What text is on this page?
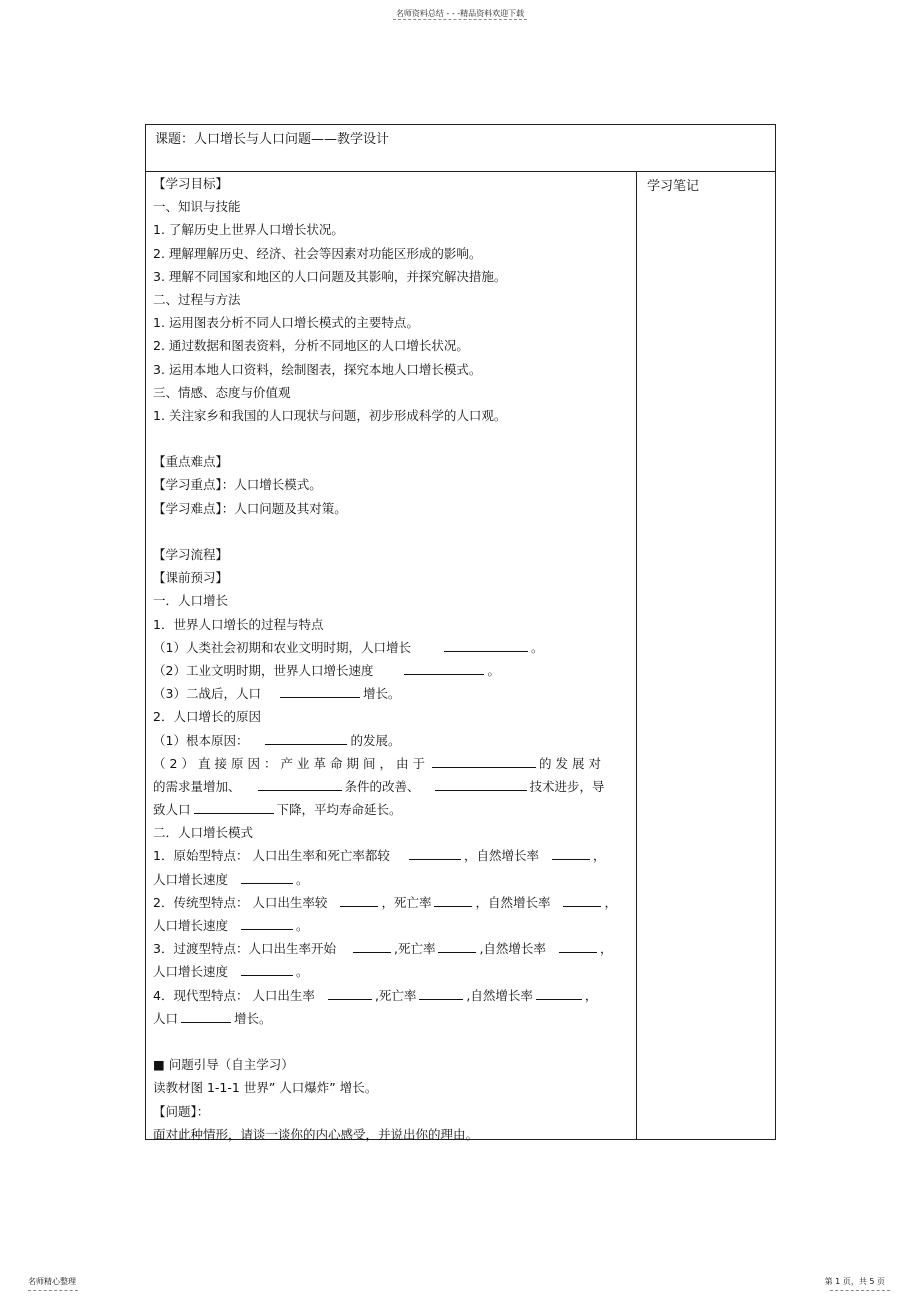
名师资料总结 - - -精品资料欢迎下载
课题：人口增长与人口问题——教学设计
学习笔记
【学习目标】
一、知识与技能
1. 了解历史上世界人口增长状况。
2. 理解理解历史、经济、社会等因素对功能区形成的影响。
3. 理解不同国家和地区的人口问题及其影响，并探究解决措施。
二、过程与方法
1. 运用图表分析不同人口增长模式的主要特点。
2. 通过数据和图表资料，分析不同地区的人口增长状况。
3. 运用本地人口资料，绘制图表，探究本地人口增长模式。
三、情感、态度与价值观
1. 关注家乡和我国的人口现状与问题，初步形成科学的人口观。
【重点难点】
【学习重点】：人口增长模式。
【学习难点】：人口问题及其对策。
【学习流程】
【课前预习】
一．人口增长
1．世界人口增长的过程与特点
（1）人类社会初期和农业文明时期，人口增长	。
（2）工业文明时期，世界人口增长速度	。
（3）二战后，人口	增长。
2．人口增长的原因
（1）根本原因：	的发展。
（2）直接原因：产业革命期间，由于	的发展对
的需求量增加、	条件的改善、	技术进步，导
致人口	下降，平均寿命延长。
二．人口增长模式
1．原始型特点： 人口出生率和死亡率都较	，自然增长率	，
人口增长速度	。
2．传统型特点： 人口出生率较	，死亡率	，自然增长率	，
人口增长速度	。
3．过渡型特点：人口出生率开始	,死亡率	,自然增长率	，
人口增长速度	。
4．现代型特点： 人口出生率	,死亡率	,自然增长率	，
人口	增长。
■ 问题引导（自主学习）
读教材图 1-1-1 世界” 人口爆炸” 增长。
【问题】：
面对此种情形，请谈一谈你的内心感受，并说出你的理由。
名师精心整理	第 1 页，共 5 页
